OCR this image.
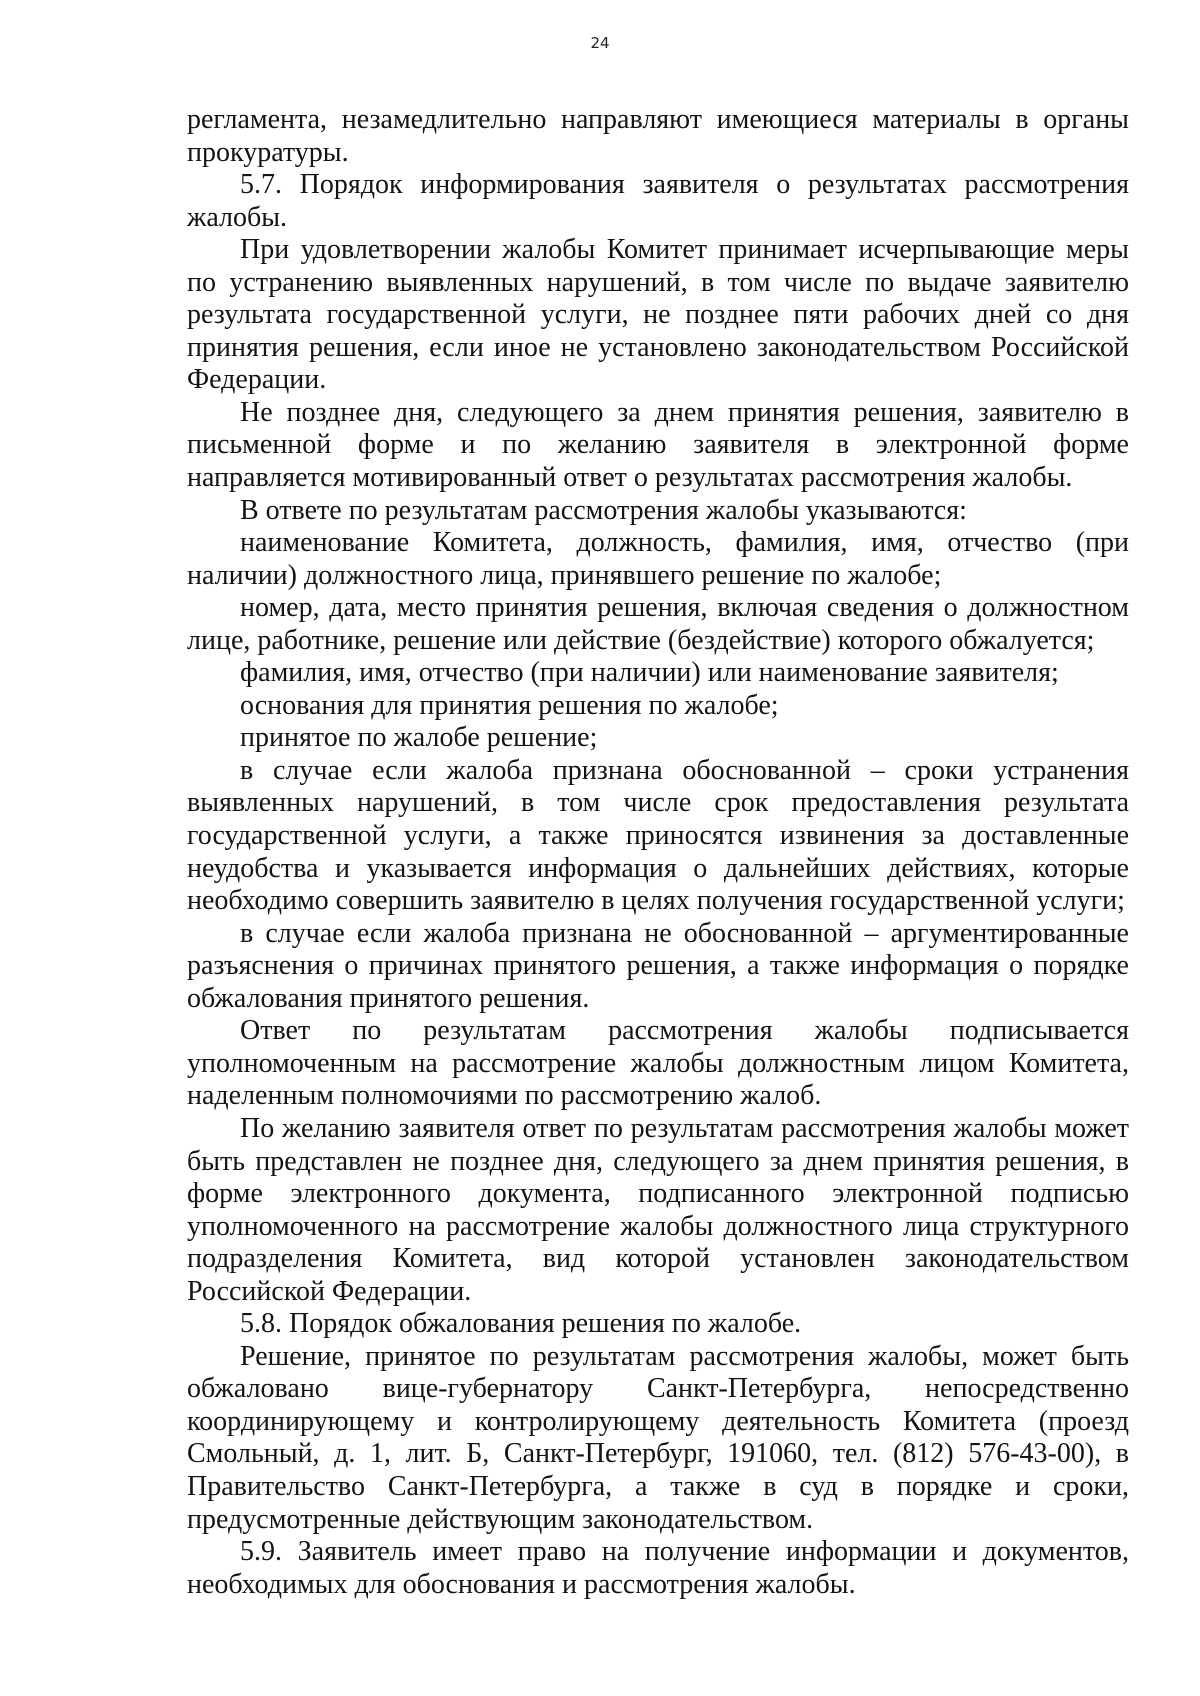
24

регламента, незамедлительно направляют имеющиеся материалы в органы прокуратуры.

5.7. Порядок информирования заявителя о результатах рассмотрения жалобы.

При удовлетворении жалобы Комитет принимает исчерпывающие меры по устранению выявленных нарушений, в том числе по выдаче заявителю результата государственной услуги, не позднее пяти рабочих дней со дня принятия решения, если иное не установлено законодательством Российской Федерации.

Не позднее дня, следующего за днем принятия решения, заявителю в письменной форме и по желанию заявителя в электронной форме направляется мотивированный ответ о результатах рассмотрения жалобы.

В ответе по результатам рассмотрения жалобы указываются:

наименование Комитета, должность, фамилия, имя, отчество (при наличии) должностного лица, принявшего решение по жалобе;

номер, дата, место принятия решения, включая сведения о должностном лице, работнике, решение или действие (бездействие) которого обжалуется;

фамилия, имя, отчество (при наличии) или наименование заявителя;

основания для принятия решения по жалобе;

принятое по жалобе решение;

в случае если жалоба признана обоснованной – сроки устранения выявленных нарушений, в том числе срок предоставления результата государственной услуги, а также приносятся извинения за доставленные неудобства и указывается информация о дальнейших действиях, которые необходимо совершить заявителю в целях получения государственной услуги;

в случае если жалоба признана не обоснованной – аргументированные разъяснения о причинах принятого решения, а также информация о порядке обжалования принятого решения.

Ответ по результатам рассмотрения жалобы подписывается уполномоченным на рассмотрение жалобы должностным лицом Комитета, наделенным полномочиями по рассмотрению жалоб.

По желанию заявителя ответ по результатам рассмотрения жалобы может быть представлен не позднее дня, следующего за днем принятия решения, в форме электронного документа, подписанного электронной подписью уполномоченного на рассмотрение жалобы должностного лица структурного подразделения Комитета, вид которой установлен законодательством Российской Федерации.

5.8. Порядок обжалования решения по жалобе.

Решение, принятое по результатам рассмотрения жалобы, может быть обжаловано вице-губернатору Санкт-Петербурга, непосредственно координирующему и контролирующему деятельность Комитета (проезд Смольный, д. 1, лит. Б, Санкт-Петербург, 191060, тел. (812) 576-43-00), в Правительство Санкт-Петербурга, а также в суд в порядке и сроки, предусмотренные действующим законодательством.

5.9. Заявитель имеет право на получение информации и документов, необходимых для обоснования и рассмотрения жалобы.
